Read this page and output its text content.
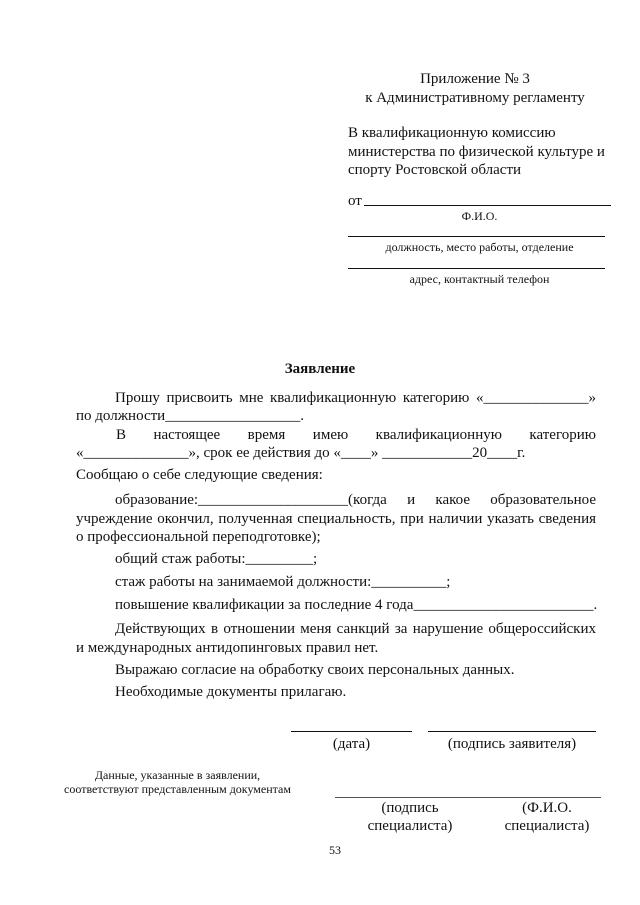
Приложение № 3
к Административному регламенту
В квалификационную комиссию
министерства по физической культуре и
спорту Ростовской области
от
Ф.И.О.
должность, место работы, отделение
адрес, контактный телефон
Заявление
Прошу присвоить мне квалификационную категорию «______________»
по должности__________________.
В настоящее время имею квалификационную категорию
«______________», срок ее действия до «____» ____________20____г.
Сообщаю о себе следующие сведения:
образование:____________________(когда и какое образовательное
учреждение окончил, полученная специальность, при наличии указать сведения
о профессиональной переподготовке);
общий стаж работы:_________;
стаж работы на занимаемой должности:__________;
повышение квалификации за последние 4 года________________________.
Действующих в отношении меня санкций за нарушение общероссийских
и международных антидопинговых правил нет.
Выражаю согласие на обработку своих персональных данных.
Необходимые документы прилагаю.
(дата)	(подпись заявителя)
Данные, указанные в заявлении,
соответствуют представленным документам
(подпись
специалиста)
(Ф.И.О.
специалиста)
53
